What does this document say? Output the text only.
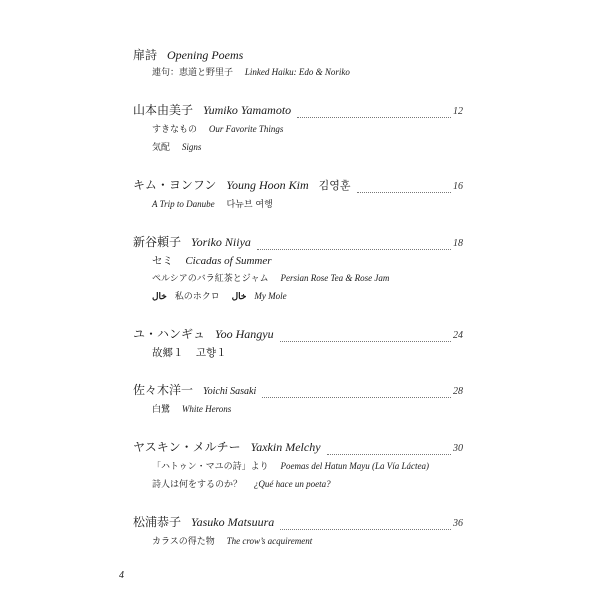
扉詩 Opening Poems
連句：恵道と野里子 Linked Haiku: Edo & Noriko
山本由美子 Yumiko Yamamoto	12
すきなもの Our Favorite Things
気配 Signs
キム・ヨンフン Young Hoon Kim 김영훈	16
A Trip to Danube 다뉴브 여행
新谷頼子 Yoriko Niiya	18
セミ Cicadas of Summer
ペルシアのバラ紅茶とジャム Persian Rose Tea & Rose Jam
خال 私のホクロ خال My Mole
ユ・ハンギュ Yoo Hangyu	24
故郷１ 고향１
佐々木洋一 Yoichi Sasaki	28
白鷺 White Herons
ヤスキン・メルチー Yaxkin Melchy	30
「ハトゥン・マユの詩」より Poemas del Hatun Mayu (La Vía Láctea)
詩人は何をするのか？ ¿Qué hace un poeta?
松浦恭子 Yasuko Matsuura	36
カラスの得た物 The crow’s acquirement
4
